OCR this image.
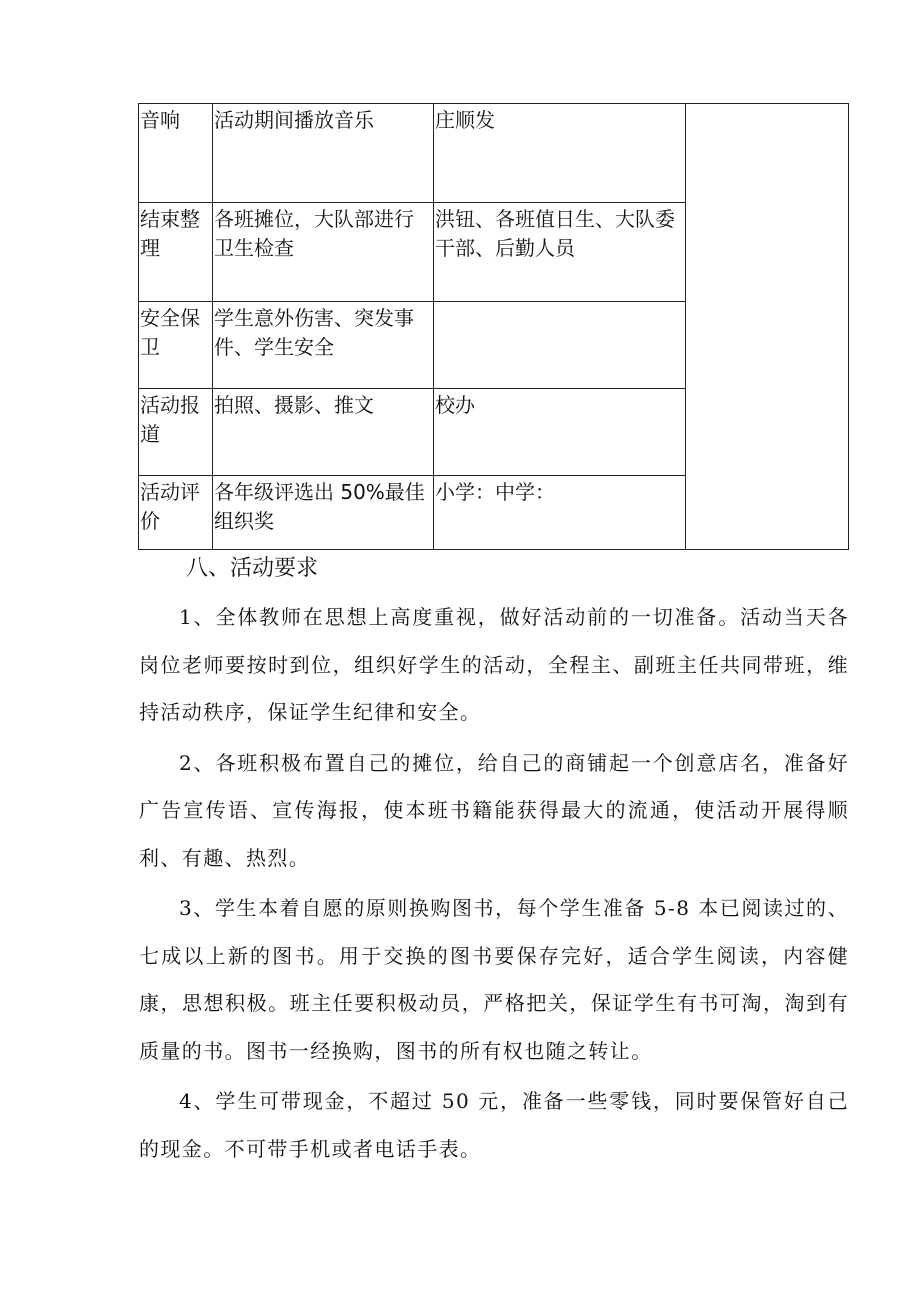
音响	活动期间播放音乐	庄顺发	

结束整理	各班摊位，大队部进行卫生检查	洪钮、各班值日生、大队委干部、后勤人员	

安全保卫	学生意外伤害、突发事件、学生安全		

活动报道	拍照、摄影、推文	校办	

活动评价	各年级评选出 50%最佳组织奖	小学：中学：	
八、活动要求

1、全体教师在思想上高度重视，做好活动前的一切准备。活动当天各岗位老师要按时到位，组织好学生的活动，全程主、副班主任共同带班，维持活动秩序，保证学生纪律和安全。

2、各班积极布置自己的摊位，给自己的商铺起一个创意店名，准备好广告宣传语、宣传海报，使本班书籍能获得最大的流通，使活动开展得顺利、有趣、热烈。

3、学生本着自愿的原则换购图书，每个学生准备 5-8 本已阅读过的、七成以上新的图书。用于交换的图书要保存完好，适合学生阅读，内容健康，思想积极。班主任要积极动员，严格把关，保证学生有书可淘，淘到有质量的书。图书一经换购，图书的所有权也随之转让。

4、学生可带现金，不超过 50 元，准备一些零钱，同时要保管好自己的现金。不可带手机或者电话手表。
